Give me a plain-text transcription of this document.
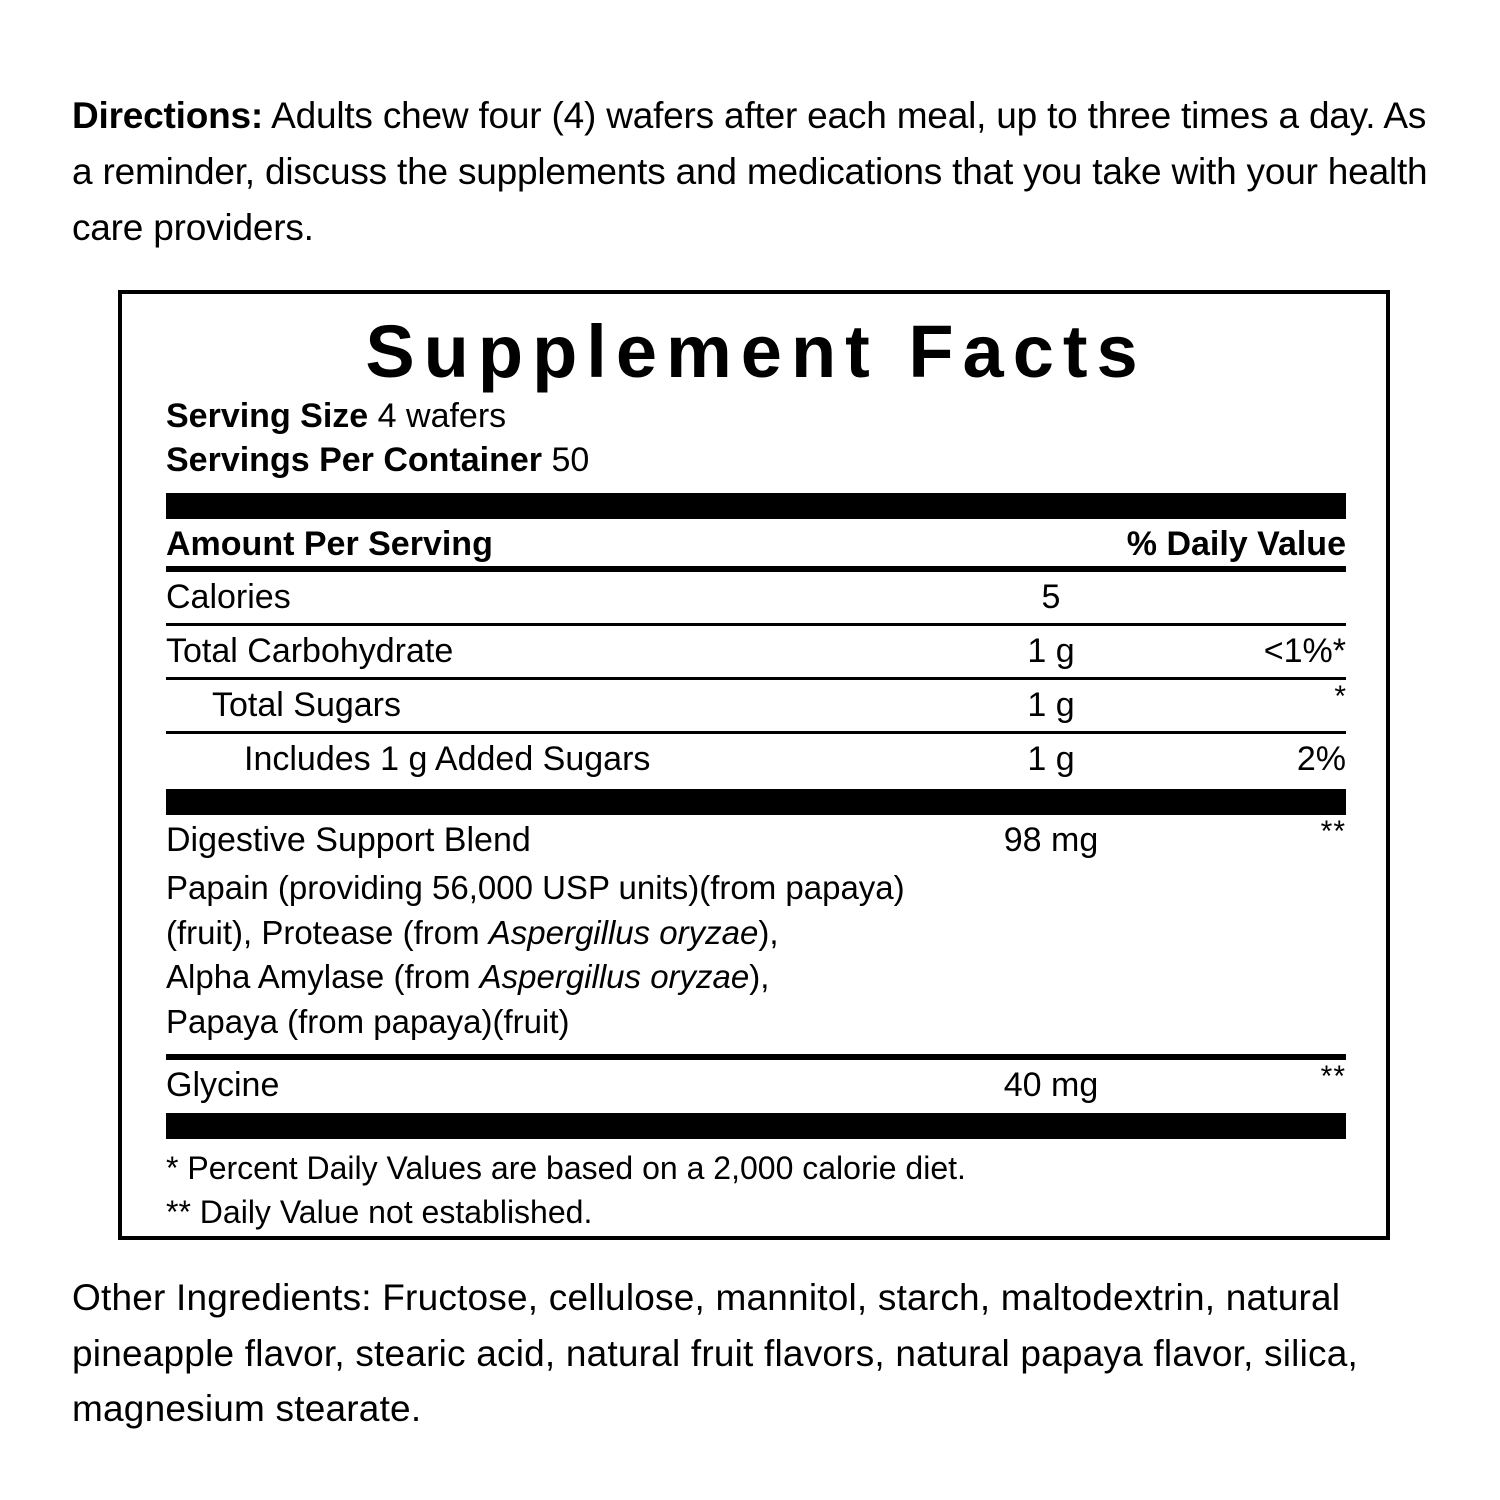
Directions: Adults chew four (4) wafers after each meal, up to three times a day. As a reminder, discuss the supplements and medications that you take with your health care providers.
Supplement Facts
Serving Size 4 wafers
Servings Per Container 50
Amount Per Serving	% Daily Value
Calories	5
Total Carbohydrate	1 g	<1%*
Total Sugars	1 g	*
Includes 1 g Added Sugars	1 g	2%
Digestive Support Blend	98 mg	**
Papain (providing 56,000 USP units)(from papaya)
(fruit), Protease (from Aspergillus oryzae),
Alpha Amylase (from Aspergillus oryzae),
Papaya (from papaya)(fruit)
Glycine	40 mg	**
* Percent Daily Values are based on a 2,000 calorie diet.
** Daily Value not established.
Other Ingredients: Fructose, cellulose, mannitol, starch, maltodextrin, natural pineapple flavor, stearic acid, natural fruit flavors, natural papaya flavor, silica, magnesium stearate.
